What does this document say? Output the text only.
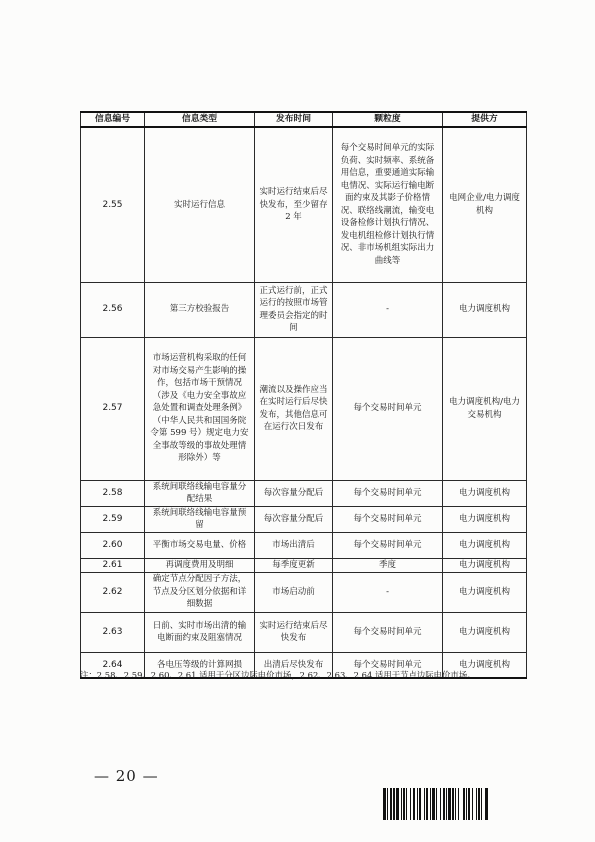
信息编号	信息类型	发布时间	颗粒度	提供方
2.55	实时运行信息	实时运行结束后尽快发布，至少留存 2 年	每个交易时间单元的实际负荷、实时频率、系统备用信息，重要通道实际输电情况、实际运行输电断面约束及其影子价格情况、联络线潮流，输变电设备检修计划执行情况、发电机组检修计划执行情况、非市场机组实际出力曲线等	电网企业/电力调度机构
2.56	第三方校验报告	正式运行前，正式运行的按照市场管理委员会指定的时间	-	电力调度机构
2.57	市场运营机构采取的任何对市场交易产生影响的操作，包括市场干预情况（涉及《电力安全事故应急处置和调查处理条例》（中华人民共和国国务院令第 599 号）规定电力安全事故等级的事故处理情形除外）等	潮流以及操作应当在实时运行后尽快发布，其他信息可在运行次日发布	每个交易时间单元	电力调度机构/电力交易机构
2.58	系统间联络线输电容量分配结果	每次容量分配后	每个交易时间单元	电力调度机构
2.59	系统间联络线输电容量预留	每次容量分配后	每个交易时间单元	电力调度机构
2.60	平衡市场交易电量、价格	市场出清后	每个交易时间单元	电力调度机构
2.61	再调度费用及明细	每季度更新	季度	电力调度机构
2.62	确定节点分配因子方法，节点及分区划分依据和详细数据	市场启动前	-	电力调度机构
2.63	日前、实时市场出清的输电断面约束及阻塞情况	实时运行结束后尽快发布	每个交易时间单元	电力调度机构
2.64	各电压等级的计算网损	出清后尽快发布	每个交易时间单元	电力调度机构
注：2.58、2.59、2.60、2.61 适用于分区边际电价市场，2.62、2.63、2.64 适用于节点边际电价市场。
— 20 —
